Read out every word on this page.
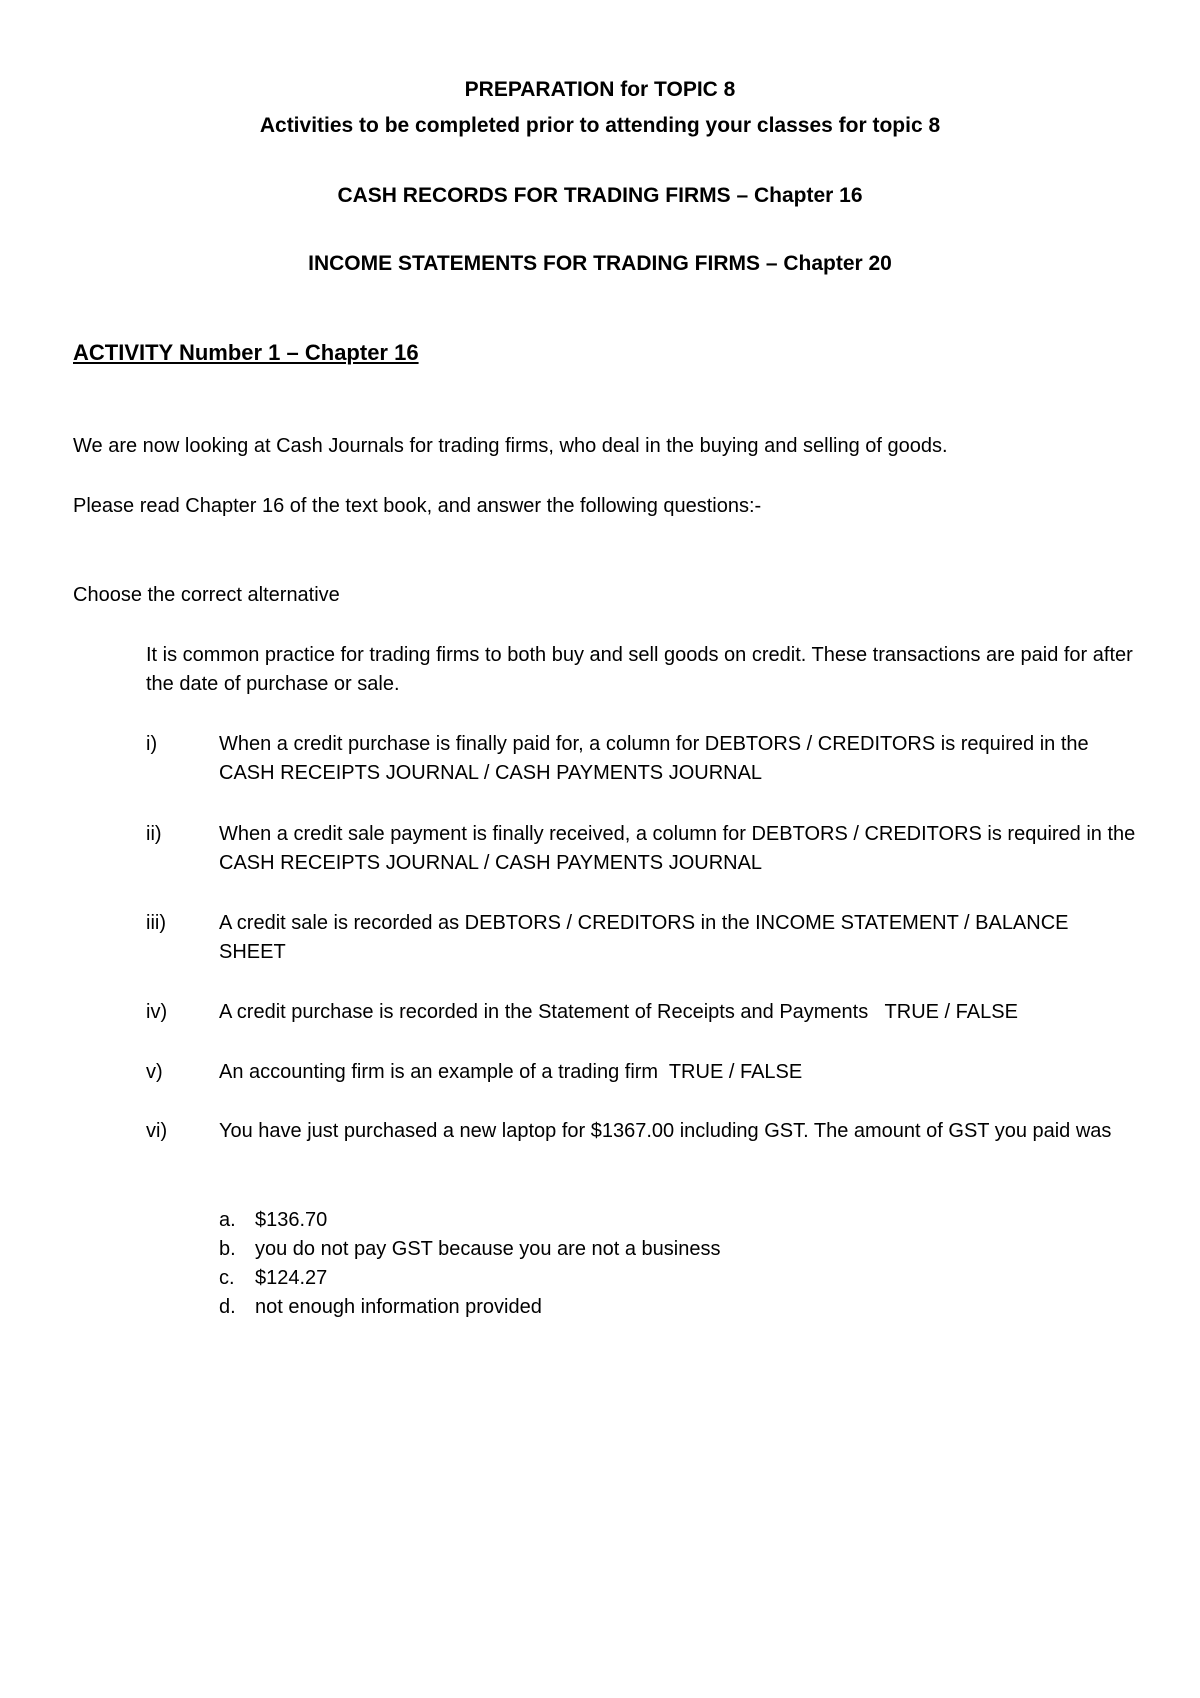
PREPARATION for TOPIC 8
Activities to be completed prior to attending your classes for topic 8
CASH RECORDS FOR TRADING FIRMS – Chapter 16
INCOME STATEMENTS FOR TRADING FIRMS – Chapter 20
ACTIVITY Number 1 – Chapter 16
We are now looking at Cash Journals for trading firms, who deal in the buying and selling of goods.
Please read Chapter 16 of the text book, and answer the following questions:-
Choose the correct alternative
It is common practice for trading firms to both buy and sell goods on credit. These transactions are paid for after the date of purchase or sale.
i)	When a credit purchase is finally paid for, a column for DEBTORS / CREDITORS is required in the CASH RECEIPTS JOURNAL / CASH PAYMENTS JOURNAL
ii)	When a credit sale payment is finally received, a column for DEBTORS / CREDITORS is required in the CASH RECEIPTS JOURNAL / CASH PAYMENTS JOURNAL
iii)	A credit sale is recorded as DEBTORS / CREDITORS in the INCOME STATEMENT / BALANCE SHEET
iv)	A credit purchase is recorded in the Statement of Receipts and Payments   TRUE / FALSE
v)	An accounting firm is an example of a trading firm  TRUE / FALSE
vi)	You have just purchased a new laptop for $1367.00 including GST. The amount of GST you paid was
a. $136.70
b. you do not pay GST because you are not a business
c. $124.27
d. not enough information provided
